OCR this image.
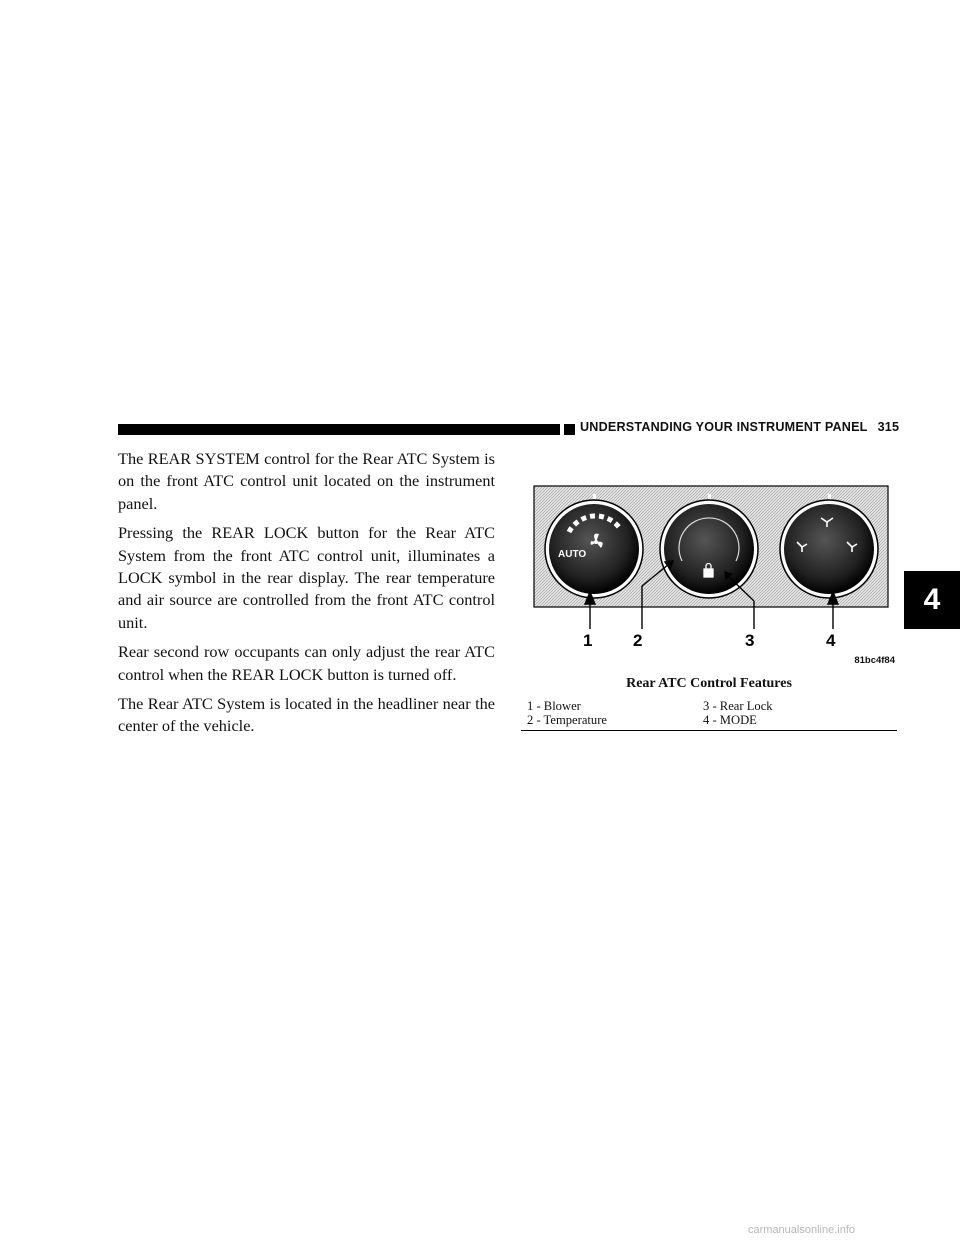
UNDERSTANDING YOUR INSTRUMENT PANEL 315

The REAR SYSTEM control for the Rear ATC System is on the front ATC control unit located on the instrument panel.

Pressing the REAR LOCK button for the Rear ATC System from the front ATC control unit, illuminates a LOCK symbol in the rear display. The rear temperature and air source are controlled from the front ATC control unit.

Rear second row occupants can only adjust the rear ATC control when the REAR LOCK button is turned off.

The Rear ATC System is located in the headliner near the center of the vehicle.

4
AUTO
1 2	3	4
81bc4f84
Rear ATC Control Features
1 - Blower	3 - Rear Lock
2 - Temperature	4 - MODE
carmanualsonline.info
